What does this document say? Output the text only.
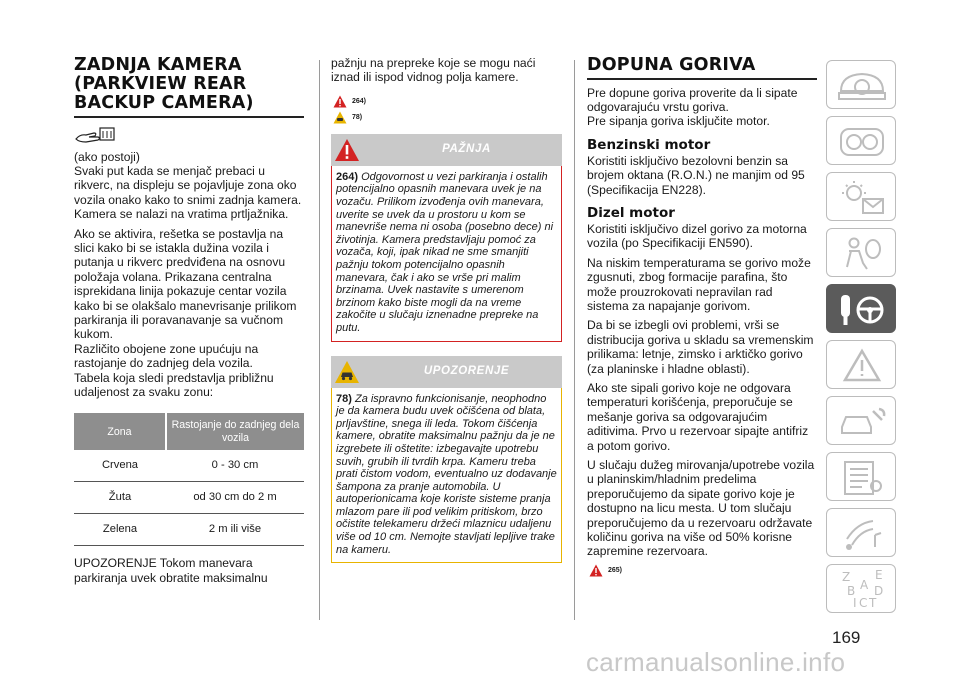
ZADNJA KAMERA
(PARKVIEW REAR
BACKUP CAMERA)

(ako postoji)

Svaki put kada se menjač prebaci u rikverc, na displeju se pojavljuje zona oko vozila onako kako to snimi zadnja kamera.

Kamera se nalazi na vratima prtljažnika.

Ako se aktivira, rešetka se postavlja na slici kako bi se istakla dužina vozila i putanja u rikverc predviđena na osnovu položaja volana. Prikazana centralna isprekidana linija pokazuje centar vozila kako bi se olakšalo manevrisanje prilikom parkiranja ili poravanavanje sa vučnom kukom.

Različito obojene zone upućuju na rastojanje do zadnjeg dela vozila.

Tabela koja sledi predstavlja približnu udaljenost za svaku zonu:

Zona	Rastojanje do zadnjeg dela vozila
Crvena	0 - 30 cm
Žuta	od 30 cm do 2 m
Zelena	2 m ili više

UPOZORENJE Tokom manevara parkiranja uvek obratite maksimalnu

pažnju na prepreke koje se mogu naći iznad ili ispod vidnog polja kamere.

264)
78)
PAŽNJA

264) Odgovornost u vezi parkiranja i ostalih potencijalno opasnih manevara uvek je na vozaču. Prilikom izvođenja ovih manevara, uverite se uvek da u prostoru u kom se manevriše nema ni osoba (posebno dece) ni životinja. Kamera predstavljaju pomoć za vozača, koji, ipak nikad ne sme smanjiti pažnju tokom potencijalno opasnih manevara, čak i ako se vrše pri malim brzinama. Uvek nastavite s umerenom brzinom kako biste mogli da na vreme zakočite u slučaju iznenadne prepreke na putu.

UPOZORENJE

78) Za ispravno funkcionisanje, neophodno je da kamera budu uvek očišćena od blata, prljavštine, snega ili leda. Tokom čišćenja kamere, obratite maksimalnu pažnju da je ne izgrebete ili oštetite: izbegavajte upotrebu suvih, grubih ili tvrdih krpa. Kameru treba prati čistom vodom, eventualno uz dodavanje šampona za pranje automobila. U autoperionicama koje koriste sisteme pranja mlazom pare ili pod velikim pritiskom, brzo očistite telekameru držeći mlaznicu udaljenu više od 10 cm. Nemojte stavljati lepljive trake na kameru.

DOPUNA GORIVA

Pre dopune goriva proverite da li sipate odgovarajuću vrstu goriva.

Pre sipanja goriva isključite motor.

Benzinski motor

Koristiti isključivo bezolovni benzin sa brojem oktana (R.O.N.) ne manjim od 95 (Specifikacija EN228).

Dizel motor

Koristiti isključivo dizel gorivo za motorna vozila (po Specifikaciji EN590).

Na niskim temperaturama se gorivo može zgusnuti, zbog formacije parafina, što može prouzrokovati nepravilan rad sistema za napajanje gorivom.

Da bi se izbegli ovi problemi, vrši se distribucija goriva u skladu sa vremenskim prilikama: letnje, zimsko i arktičko gorivo (za planinske i hladne oblasti).

Ako ste sipali gorivo koje ne odgovara temperaturi korišćenja, preporučuje se mešanje goriva sa odgovarajućim aditivima. Prvo u rezervoar sipajte antifriz a potom gorivo.

U slučaju dužeg mirovanja/upotrebe vozila u planinskim/hladnim predelima preporučujemo da sipate gorivo koje je dostupno na licu mesta. U tom slučaju preporučujemo da u rezervoaru održavate količinu goriva na više od 50% korisne zapremine rezervoara.

265)	Z E
B D
A
I C T
169
carmanualsonline.info
